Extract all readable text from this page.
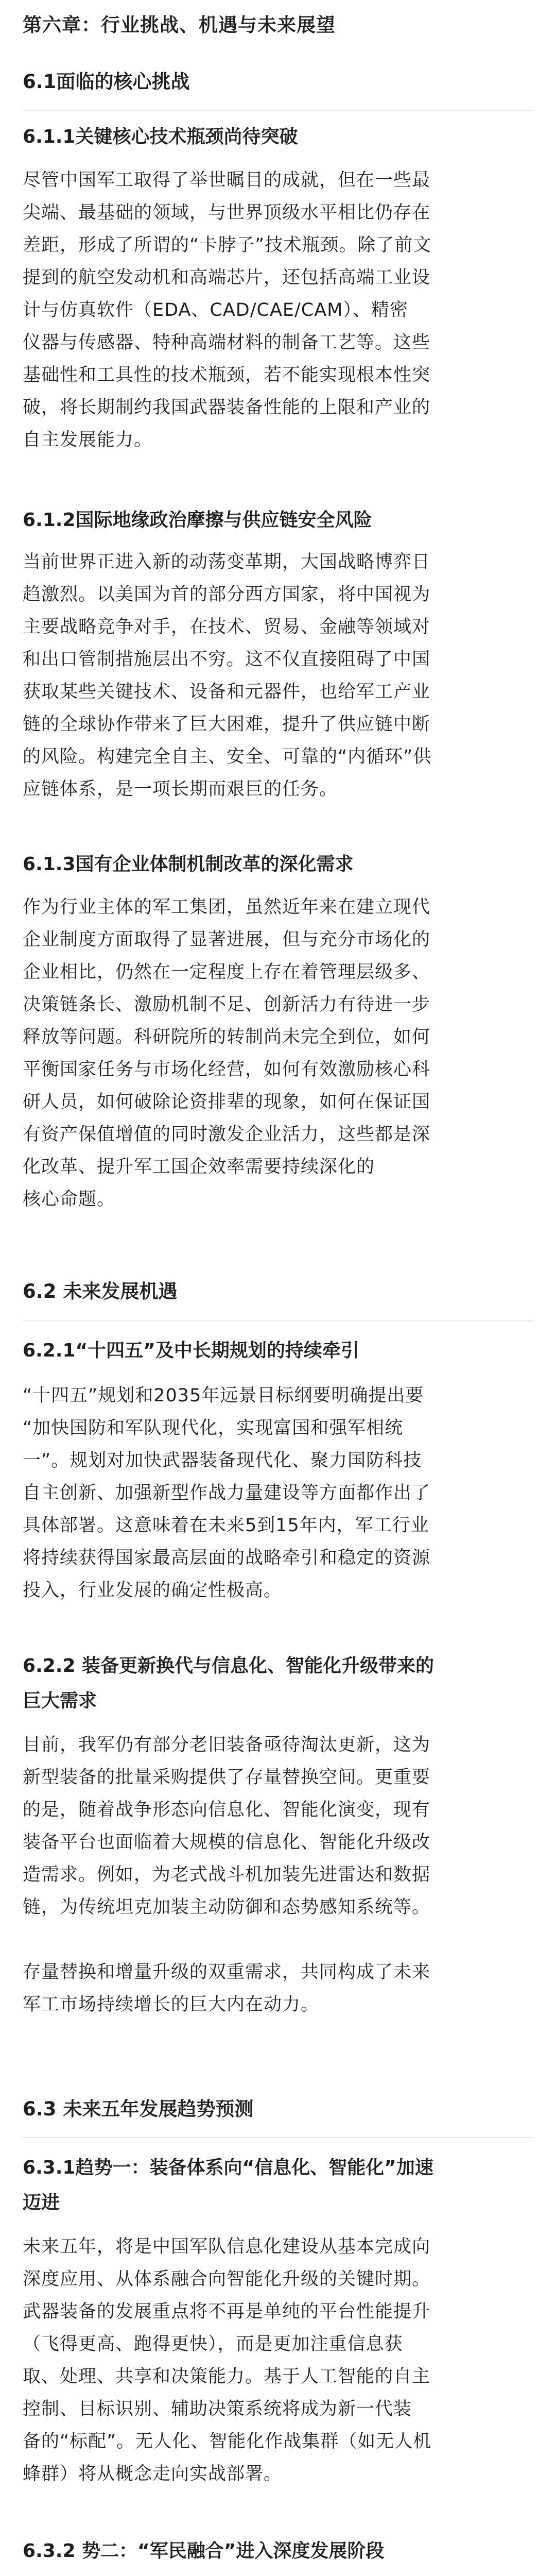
第六章：行业挑战、机遇与未来展望
6.1面临的核心挑战
6.1.1关键核心技术瓶颈尚待突破
尽管中国军工取得了举世瞩目的成就，但在一些最
尖端、最基础的领域，与世界顶级水平相比仍存在
差距，形成了所谓的“卡脖子”技术瓶颈。除了前文
提到的航空发动机和高端芯片，还包括高端工业设
计与仿真软件（EDA、CAD/CAE/CAM）、精密
仪器与传感器、特种高端材料的制备工艺等。这些
基础性和工具性的技术瓶颈，若不能实现根本性突
破，将长期制约我国武器装备性能的上限和产业的
自主发展能力。
6.1.2国际地缘政治摩擦与供应链安全风险
当前世界正进入新的动荡变革期，大国战略博弈日
趋激烈。以美国为首的部分西方国家，将中国视为
主要战略竞争对手，在技术、贸易、金融等领域对
和出口管制措施层出不穷。这不仅直接阻碍了中国
获取某些关键技术、设备和元器件，也给军工产业
链的全球协作带来了巨大困难，提升了供应链中断
的风险。构建完全自主、安全、可靠的“内循环”供
应链体系，是一项长期而艰巨的任务。
6.1.3国有企业体制机制改革的深化需求
作为行业主体的军工集团，虽然近年来在建立现代
企业制度方面取得了显著进展，但与充分市场化的
企业相比，仍然在一定程度上存在着管理层级多、
决策链条长、激励机制不足、创新活力有待进一步
释放等问题。科研院所的转制尚未完全到位，如何
平衡国家任务与市场化经营，如何有效激励核心科
研人员，如何破除论资排辈的现象，如何在保证国
有资产保值增值的同时激发企业活力，这些都是深
化改革、提升军工国企效率需要持续深化的
核心命题。
6.2 未来发展机遇
6.2.1“十四五”及中长期规划的持续牵引
“十四五”规划和2035年远景目标纲要明确提出要
“加快国防和军队现代化，实现富国和强军相统
一”。规划对加快武器装备现代化、聚力国防科技
自主创新、加强新型作战力量建设等方面都作出了
具体部署。这意味着在未来5到15年内，军工行业
将持续获得国家最高层面的战略牵引和稳定的资源
投入，行业发展的确定性极高。
6.2.2 装备更新换代与信息化、智能化升级带来的
巨大需求
目前，我军仍有部分老旧装备亟待淘汰更新，这为
新型装备的批量采购提供了存量替换空间。更重要
的是，随着战争形态向信息化、智能化演变，现有
装备平台也面临着大规模的信息化、智能化升级改
造需求。例如，为老式战斗机加装先进雷达和数据
链，为传统坦克加装主动防御和态势感知系统等。
存量替换和增量升级的双重需求，共同构成了未来
军工市场持续增长的巨大内在动力。
6.3 未来五年发展趋势预测
6.3.1趋势一：装备体系向“信息化、智能化”加速
迈进
未来五年，将是中国军队信息化建设从基本完成向
深度应用、从体系融合向智能化升级的关键时期。
武器装备的发展重点将不再是单纯的平台性能提升
（飞得更高、跑得更快），而是更加注重信息获
取、处理、共享和决策能力。基于人工智能的自主
控制、目标识别、辅助决策系统将成为新一代装
备的“标配”。无人化、智能化作战集群（如无人机
蜂群）将从概念走向实战部署。
6.3.2 势二：“军民融合”进入深度发展阶段
